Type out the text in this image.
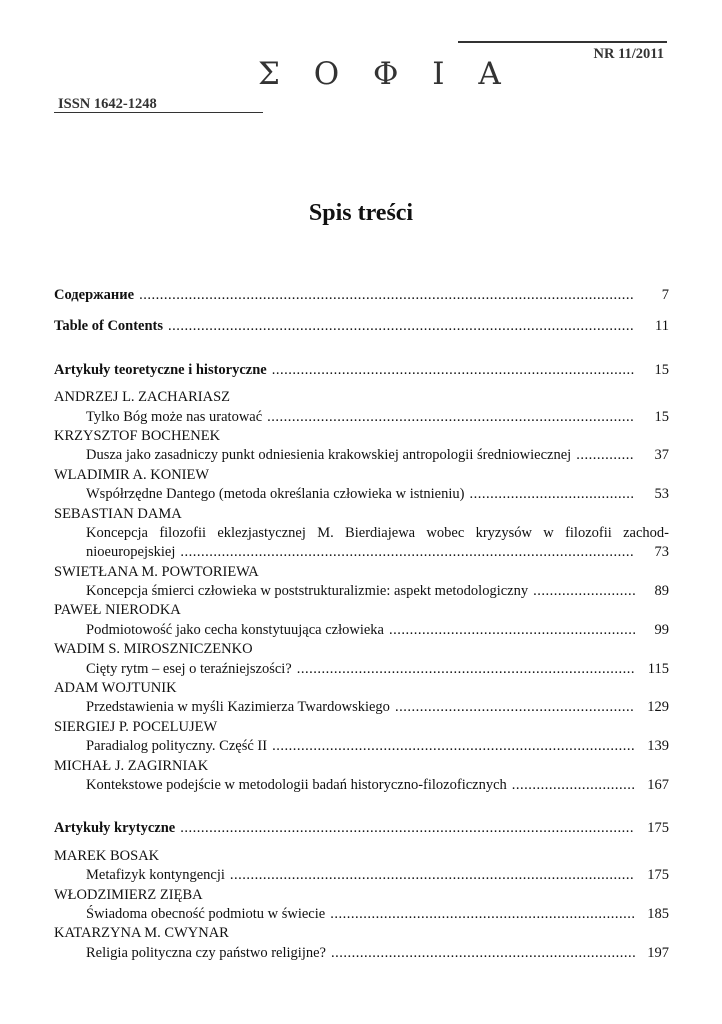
NR 11/2011
Σ Ο Φ Ι Α
ISSN 1642-1248
Spis treści
Содержание .....	7
Table of Contents .....	11
Artykuły teoretyczne i historyczne .....	15
ANDRZEJ L. ZACHARIASZ
Tylko Bóg może nas uratować .....	15
KRZYSZTOF BOCHENEK
Dusza jako zasadniczy punkt odniesienia krakowskiej antropologii średniowiecznej .....	37
WLADIMIR A. KONIEW
Współrzędne Dantego (metoda określania człowieka w istnieniu) .....	53
SEBASTIAN DAMA
Koncepcja filozofii eklezjastycznej M. Bierdiajewa wobec kryzysów w filozofii zachod-
nioeuropejskiej .....	73
SWIETŁANA M. POWTORIEWA
Koncepcja śmierci człowieka w poststrukturalizmie: aspekt metodologiczny .....	89
PAWEŁ NIERODKA
Podmiotowość jako cecha konstytuująca człowieka .....	99
WADIM S. MIROSZNICZENKO
Cięty rytm – esej o teraźniejszości? .....	115
ADAM WOJTUNIK
Przedstawienia w myśli Kazimierza Twardowskiego .....	129
SIERGIEJ P. POCELUJEW
Paradialog polityczny. Część II .....	139
MICHAŁ J. ZAGIRNIAK
Kontekstowe podejście w metodologii badań historyczno-filozoficznych .....	167
Artykuły krytyczne .....	175
MAREK BOSAK
Metafizyk kontyngencji .....	175
WŁODZIMIERZ ZIĘBA
Świadoma obecność podmiotu w świecie .....	185
KATARZYNA M. CWYNAR
Religia polityczna czy państwo religijne? .....	197
